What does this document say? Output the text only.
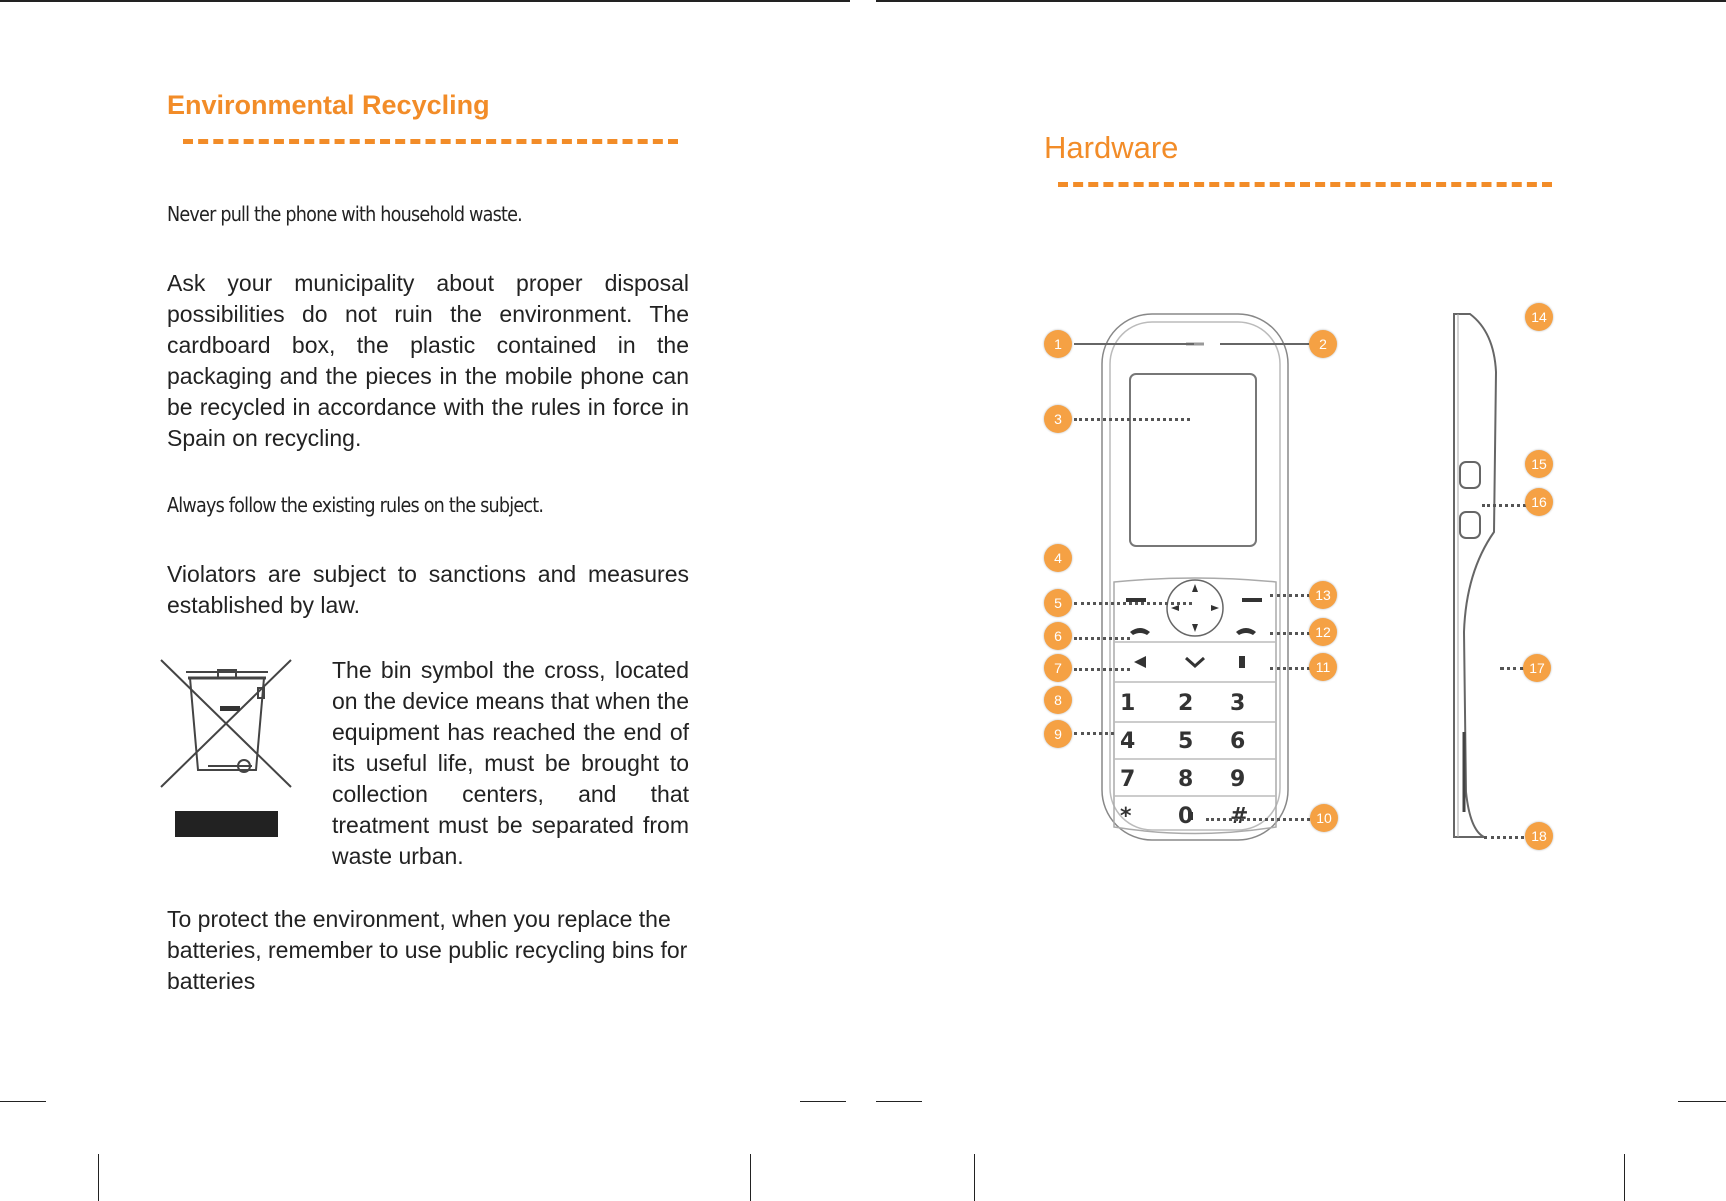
Environmental Recycling

Never pull the phone with household waste.

Ask your municipality about proper disposal possibilities do not ruin the environment. The cardboard box, the plastic contained in the packaging and the pieces in the mobile phone can be recycled in accordance with the rules in force in Spain on recycling.

Always follow the existing rules on the subject.

Violators are subject to sanctions and measures established by law.

The bin symbol the cross, located on the device means that when the equipment has reached the end of its useful life, must be brought to collection centers, and that treatment must be separated from waste urban.

To protect the environment, when you replace the batteries, remember to use public recycling bins for batteries

Hardware
1 2 3
4 5 6
7 8 9
* 0 #
1	2
3
4
5
6
7
8
9
10
11
12
13
14
15
16
17
18
